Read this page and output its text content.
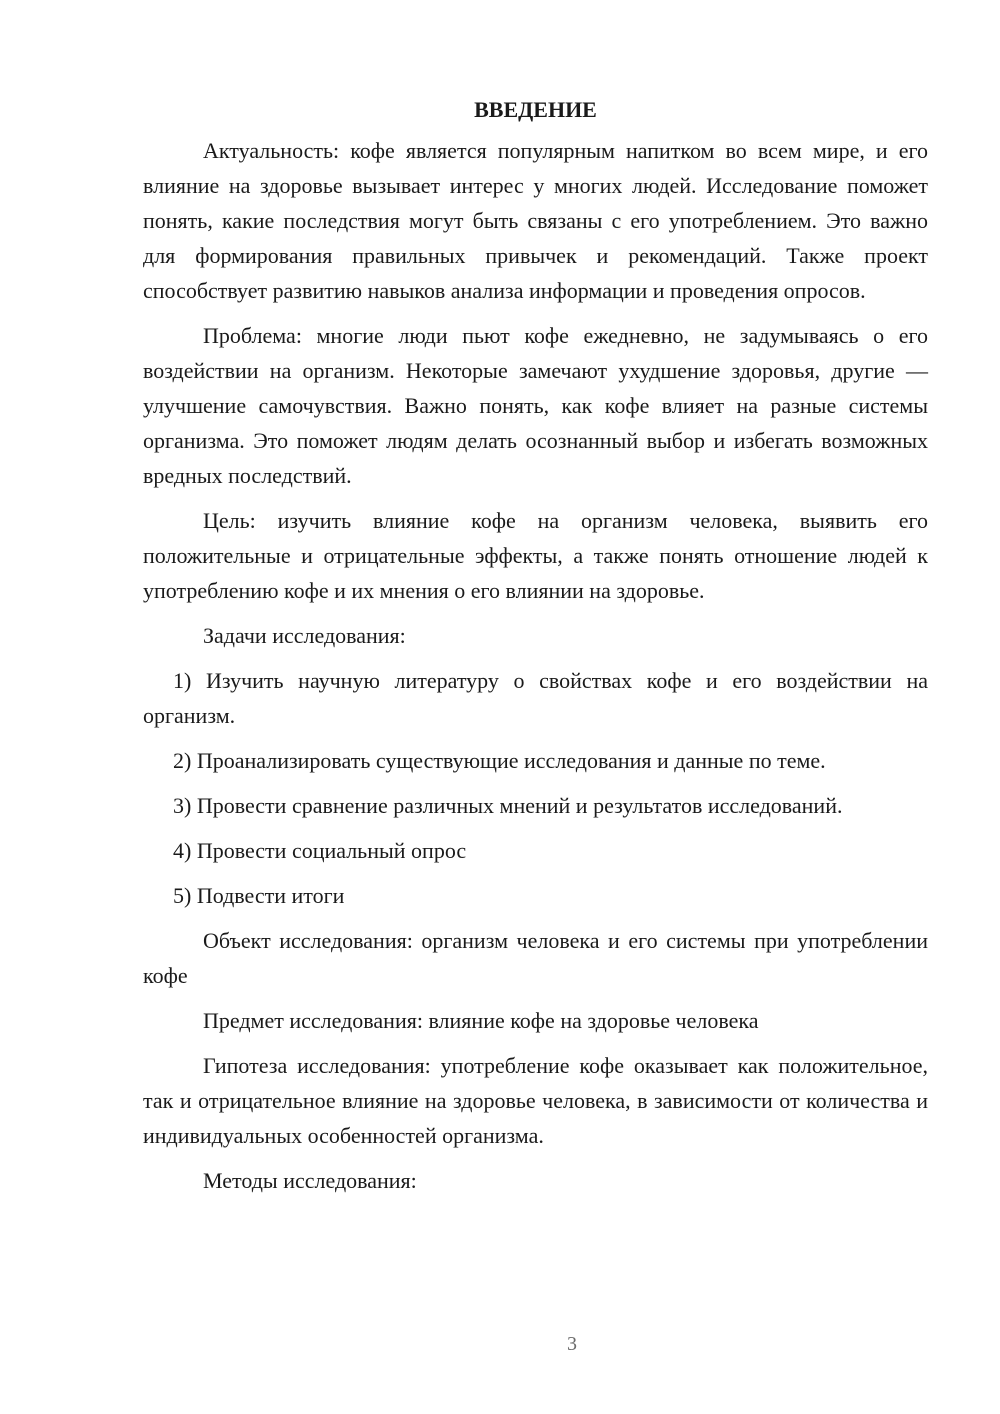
ВВЕДЕНИЕ

Актуальность: кофе является популярным напитком во всем мире, и его влияние на здоровье вызывает интерес у многих людей. Исследование поможет понять, какие последствия могут быть связаны с его употреблением. Это важно для формирования правильных привычек и рекомендаций. Также проект способствует развитию навыков анализа информации и проведения опросов.

Проблема: многие люди пьют кофе ежедневно, не задумываясь о его воздействии на организм. Некоторые замечают ухудшение здоровья, другие — улучшение самочувствия. Важно понять, как кофе влияет на разные системы организма. Это поможет людям делать осознанный выбор и избегать возможных вредных последствий.

Цель: изучить влияние кофе на организм человека, выявить его положительные и отрицательные эффекты, а также понять отношение людей к употреблению кофе и их мнения о его влиянии на здоровье.

Задачи исследования:

1) Изучить научную литературу о свойствах кофе и его воздействии на организм.

2) Проанализировать существующие исследования и данные по теме.

3) Провести сравнение различных мнений и результатов исследований.

4) Провести социальный опрос

5) Подвести итоги

Объект исследования: организм человека и его системы при употреблении кофе

Предмет исследования: влияние кофе на здоровье человека

Гипотеза исследования: употребление кофе оказывает как положительное, так и отрицательное влияние на здоровье человека, в зависимости от количества и индивидуальных особенностей организма.

Методы исследования:

3
